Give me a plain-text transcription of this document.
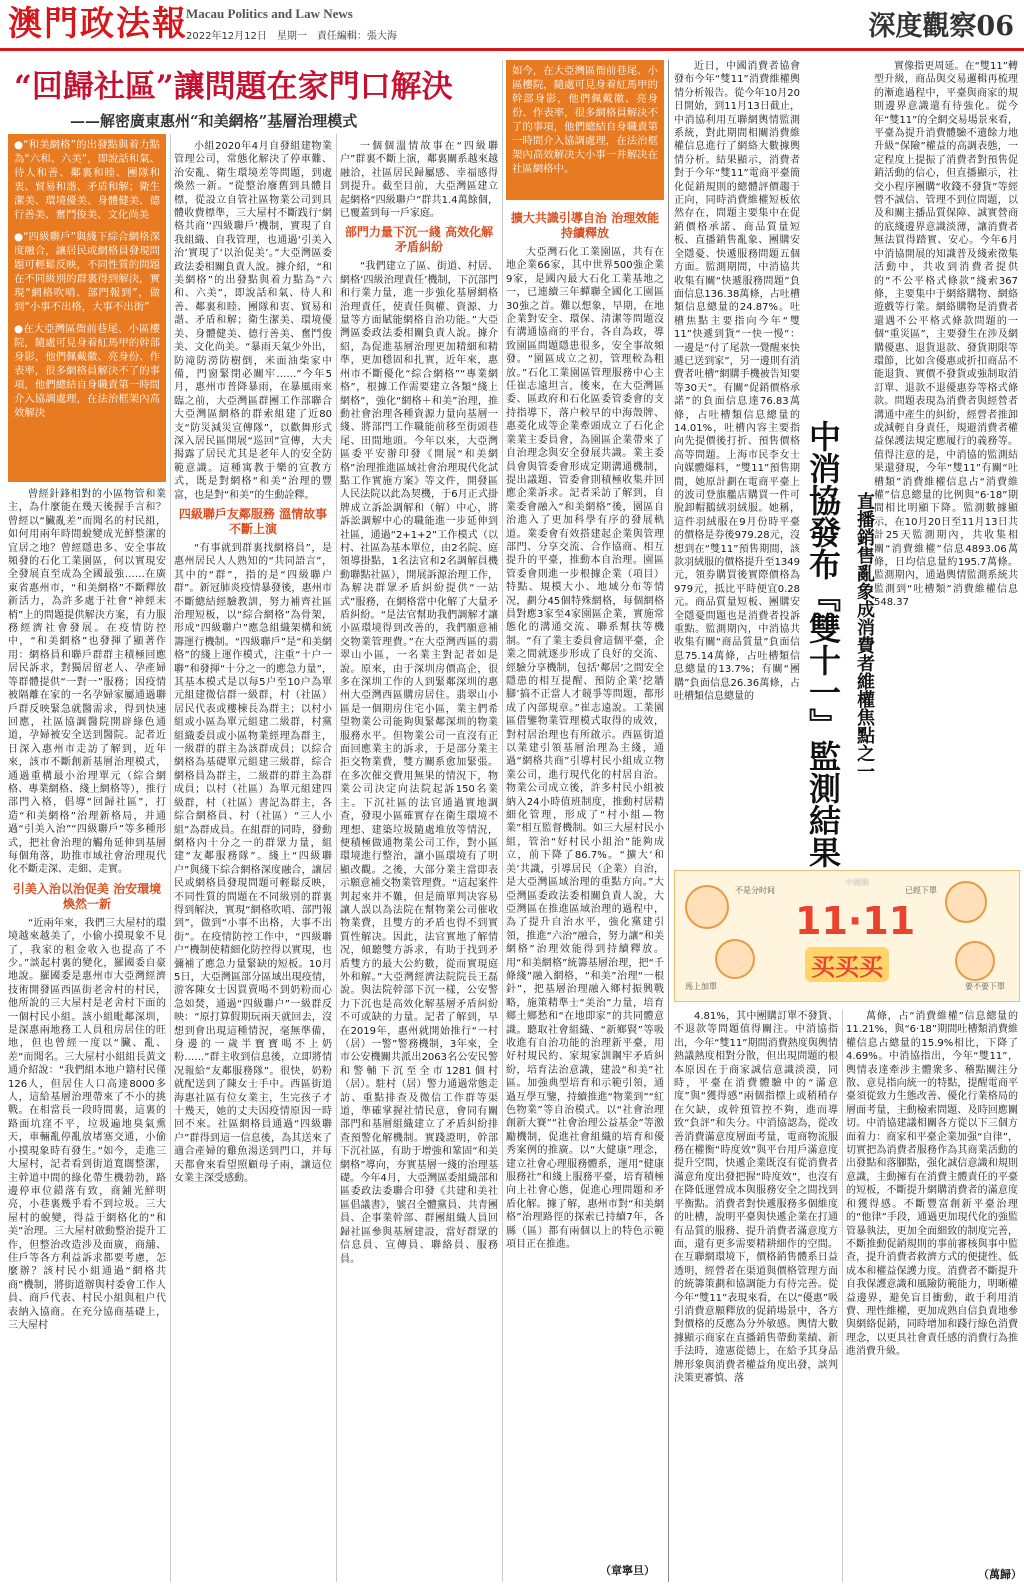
澳門政法報
Macau Politics and Law News
2022年12月12日　星期一　責任編輯：張大海	深度觀察06
“回歸社區”讓問題在家門口解決
——解密廣東惠州“和美網格”基層治理模式

●“和美網格”的出發點與着力點為“六和、六美”，即說話和氣、待人和善、鄰裏和睦、團隊和衷、貿易和諧、矛盾和解；衛生潔美、環境優美、身體健美、德行善美、奮鬥俊美、文化尚美

●“四級聯戶”與綫下綜合網格深度融合，讓居民或網格員發現問題可輕鬆反映，不同性質的問題在不同級別的群裏得到解決，實現“網格吹哨、部門報到”，做到“小事不出格，大事不出街”

●在大亞灣區衙前巷尾、小區樓院，隨處可見身着紅馬甲的幹部身影，他們佩戴徽、亮身份、作表率，很多網格員解決不了的事項，他們總結自身職責第一時間介入協調處理，在法治框架內高效解決

曾經針鋒相對的小區物管和業主，為什麼能在幾天後握手言和？曾經以“臟亂差”而聞名的村民組，如何用兩年時間蛻變成光鮮整潔的宜居之地？曾經隱患多、安全事故頻發的石化工業園區，何以實現安全發展直至成為全國最強……在廣東省惠州市，“和美網格”不斷釋放新活力，為許多處于社會“神經末梢”上的問題提供解決方案，有力服務經濟社會發展。在疫情防控中，“和美網格”也發揮了顯著作用：網格員和聯戶群群主積極回應居民訴求，對獨居留老人、孕產婦等群體提供“一對一”服務；因疫情被隔離在家的一名孕婦家屬通過聯戶群反映緊急就醫需求，得到快速回應，社區協調醫院開辟綠色通道，孕婦被安全送到醫院。記者近日深入惠州市走訪了解到，近年來，該市不斷創新基層治理模式，通過重構最小治理單元（綜合網格、專業網格、綫上網格等），推行部門入格，倡導“回歸社區”，打造“和美網格”治理新格局，并通過“引美入治”“四級聯戶”等多種形式，把社會治理的觸角延伸到基層每個角落，助推市域社會治理現代化不斷走深、走細、走實。

引美入治以治促美 治安環境煥然一新

“近兩年來，我們三大屋村的環境越來越美了，小偷小摸現象不見了，我家的租金收入也提高了不少。”談起村裏的變化，羅國委自豪地說。羅國委是惠州市大亞灣經濟技術開發區西區街老舍村的村民，他所說的三大屋村是老舍村下面的一個村民小組。該小組毗鄰深圳，是深惠兩地務工人員租房居住的旺地，但也曾經一度以“臟、亂、差”而聞名。三大屋村小組組長黃文通介紹說：“我們組本地户籍村民僅126人，但居住人口高達8000多人，這給基層治理帶來了不小的挑戰。在相當長一段時間裏，這裏的路面坑窪不平，垃圾遍地臭氣熏天，車輛亂停亂放堵塞交通，小偷小摸現象時有發生。”如今，走進三大屋村，記者看到街道寬闊整潔，主幹道中間的綠化帶生機勃勃，路邊停車位錯落有致，商鋪光鮮明亮，小巷裏幾乎看不到垃圾。三大屋村的蛻變，得益于網格化的“和美”治理。三大屋村啟動整治提升工作，但整治改造涉及面廣，商舖、住戶等各方利益訴求都要考慮，怎麼辦？該村民小組通過“網格共商”機制，將街道辦與村委會工作人員、商戶代表、村民小組與租户代表納入協商。在充分協商基礎上，三大屋村

小組2020年4月自發組建物業管理公司，常態化解決了停車難、治安亂、衛生環境差等問題，到處煥然一新。“從整治廢舊到具體目標，從設立自管社區物業公司到具體收費標準，三大屋村不斷践行‘網格共商’‘四級聯戶’機制，實現了自我組織、自我管理，也通過‘引美入治’實現了‘以治促美’。”大亞灣區委政法委相關負責人說。據介紹，“和美網格”的出發點與着力點為“六和、六美”，即說話和氣、待人和善、鄰裏和睦、團隊和衷、貿易和諧、矛盾和解；衛生潔美、環境優美、身體健美、德行善美、奮鬥俊美、文化尚美。“暴雨天氣少外出，防滝防澇防樹倒，米面油柴家中備，門窗緊閉必關牢……”今年5月，惠州市普降暴雨，在暴風雨來臨之前，大亞灣區群團工作部聯合大亞灣區網格的群索組建了近80支“防災減災宣傳隊”，以歡舞形式深入居民區開展“巡回”宣傳，大夫揭露了居民尤其是老年人的安全防範意識。這種寓教于樂的宣教方式，既是對網格“和美”治理的豐富，也是對“和美”的生動詮釋。

四級聯戶友鄰服務 溫情故事不斷上演

“有事就到群裏找網格員”，是惠州居民人人熟知的“共同語言”，其中的“群”，指的是“四級聯户群”。新冠肺炎疫情暴發後，惠州市不斷總結經驗教訓，努力補齊社區治理短板，以“綜合網格”為骨架，形成“四級聯户”應急組織架構和統籌運行機制。“四級聯戶”是“和美網格”的綫上運作模式，注重“十户一聯”和發揮“十分之一的應急力量”，其基本模式是以每5户至10户為單元組建微信群一級群，村（社區）居民代表或樓棟長為群主；以村小組或小區為單元組建二級群，村黨組織委員或小區物業經理為群主，一級群的群主為該群成員；以綜合網格為基礎單元組建三級群，綜合網格員為群主，二級群的群主為群成員；以村（社區）為單元組建四級群，村（社區）書記為群主，各綜合網格員、村（社區）“三人小組”為群成員。在組群的同時，發動網格內十分之一的群眾力量，組建“友鄰服務隊”。綫上“四級聯户”與綫下綜合網格深度融合，讓居民或網格員發現問題可輕鬆反映，不同性質的問題在不同級別的群裏得到解決，實現“網格吹哨、部門報到”，做到“小事不出格，大事不出街”。在疫情防控工作中，“四級聯户”機制使精細化防控得以實現，也彌補了應急力量緊缺的短板。10月5日，大亞灣區部分區域出現疫情，游客陳女士因買賣喝不到奶粉而心急如焚，通過“四級聯户”一級群反映：“原打算假期玩兩天就回去，沒想到會出現這種情況，毫無準備，身邊的一歲半寶寶喝不上奶粉……”群主收到信息後，立即將情况報給“友鄰服務隊”。很快，奶粉就配送到了陳女士手中。西區街道海惠社區有位女業主，生完孩子才十幾天，她的丈夫因疫情原因一時回不來。社區網格員通過“四級聯户”群得到這一信息後，為其送來了適合產婦的雞魚湯送到門口，并每天都會來看望照顧母子兩，讓這位女業主深受感動。

一個個溫情故事在“四級聯户”群裏不斷上演，鄰裏關系越來越融洽，社區居民歸屬感、幸福感得到提升。截至目前，大亞灣區建立起網格“四級聯户”群共1.4萬餘個，已覆蓋到每一戶家庭。

部門力量下沉一綫 高效化解矛盾糾紛

“我們建立了區、街道、村居、網格‘四級治理責任’機制，下沉部門和行業力量，進一步強化基層網格治理責任，使責任與權、資源、力量等方面賦能網格自治功能。”大亞灣區委政法委相關負責人說。據介紹，為促進基層治理更加精細和精準，更加穩固和扎實，近年來，惠州市不斷優化“綜合網格”“專業網格”，根據工作需要建立各類“綫上網格”，強化“網格＋和美”治理，推動社會治理各種資源力量向基層一綫、將部門工作職能前移至街頭巷尾、田間地頭。今年以來，大亞灣區委平安辦印發《開展“和美網格”治理推進區域社會治理現代化試點工作實施方案》等文件，開發區人民法院以此為契機，于6月正式掛牌成立訴訟調解和（解）中心，將訴訟調解中心的職能進一步延伸到社區，通過“2+1+2”工作模式（以村、社區為基本單位，由2名院、庭領導掛點，1名法官和2名調解員機動聯點社區），開展訴源治理工作，為解决群眾矛盾糾紛提供“一站式”服務，在網格當中化解了大量矛盾糾紛。“是法官幫助我們調解才讓小區環境得到改善的，我們願意補交物業管理費。”在大亞灣西區的翡翠山小區，一名業主對記者如是說。原來，由于深圳房價高企，很多在深圳工作的人到緊鄰深圳的惠州大亞灣西區購房居住。翡翠山小區是一個期房住宅小區，業主們希望物業公司能夠與緊鄰深圳的物業服務水平。但物業公司一直沒有正面回應業主的訴求，于是部分業主拒交物業費，雙方關系愈加緊張。在多次催交費用無果的情況下，物業公司決定向法院起訴150名業主。下沉社區的法官通過實地調查，發現小區確實存在衛生環境不理想、建築垃圾隨處堆放等情況，便積極做通物業公司工作，對小區環境進行整治，讓小區環境有了明顯改觀。之後，大部分業主當即表示願意補交物業管理費。“這起案件判起來并不難，但是簡單判决容易讓人誤以為法院在幫物業公司催收物業費，且雙方的矛盾也得不到實質性解决。因此，法官實地了解情况，傾聽雙方訴求，有助于找到矛盾雙方的最大公約數，從而實現庭外和解。”大亞灣經濟法院院長王磊說。與法院幹部下沉一樣，公安警力下沉也是高效化解基層矛盾糾紛不可或缺的力量。記者了解到，早在2019年，惠州就開始推行“一村（居）一警”警務機制，3年來，全市公安機關共派出2063名公安民警和警輔下沉至全市1281個村（居）。駐村（居）警力通過常態走訪、重點排查及微信工作群等渠道，準確掌握社情民意，會同有關部門和基層組織建立了矛盾糾紛排查預警化解機制。實踐證明，幹部下沉社區，有助于增強和鞏固“和美網格”導向，夯實基層一綫的治理基礎。今年4月，大亞灣區委組織部和區委政法委聯合印發《共建和美社區倡議書》，號召全體黨員、共青團員、企事業幹部、群團組織人員回歸社區參與基層建設，當好群眾的信息員、宣傳員、聯絡員、服務員。

如今，在大亞灣區衙前巷尾、小區樓院，隨處可見身着紅馬甲的幹部身影，他們佩戴徽、亮身份、作表率，很多網格員解決不了的事項，他們總結自身職責第一時間介入協調處理，在法治框架內高效解决大小事一并解决在社區網格中。

擴大共識引導自治 治理效能持續釋放

大亞灣石化工業園區，共有在地企業66家，其中世界500強企業9家，是國內最大石化工業基地之一，已連續三年蟬聯全國化工園區30強之首。難以想象，早期，在地企業對安全、環保、清潔等問題沒有溝通協商的平台，各自為政，導致園區問題隱患很多，安全事故頻發。“園區成立之初，管理較為粗放。”石化工業園區管理服務中心主任崔志遠坦言，後來，在大亞灣區委、區政府和石化區委管委會的支持指導下，落户較早的中海殼牌、惠菱化成等企業牽頭成立了石化企業業主委員會，為園區企業帶來了自治理念與安全發展共識。業主委員會與管委會形成定期溝通機制，提出議題、管委會則積極收集并回應企業訴求。記者采訪了解到，自業委會融入“和美網格”後，園區自治進入了更加科學有序的發展軌道。業委會有效搭建起企業與管理部門、分享交流、合作協商、相互提升的平臺，推動本自治理。園區管委會則進一步根據企業（項目）特點、規模大小、地域分布等情况，劃分45個特殊網格，每個網格員對應3家至4家園區企業，實施常態化的溝通交流、聯系幫扶等機制。“有了業主委員會這個平臺，企業之間就逐步形成了良好的交流、經驗分享機制，包括‘鄰居’之間安全隱患的相互提醒、預防企業‘挖牆腳’搞不正當人才競爭等問題，都形成了內部規章。”崔志遠說。工業園區借鑒物業管理模式取得的成效，對村居治理也有所啟示。西區街道以業建引領基層治理為主綫，通過“網格共商”引導村民小組成立物業公司，進行現代化的村居自治。物業公司成立後，許多村民小組被納入24小時值班制度，推動村居精細化管理，形成了“村小組—物業”相互監督機制。如三大屋村民小組，管治“好村民小組治”能夠成立，前下降了86.7%。“擴大‘和美’共識，引導居民（企業）自治，是大亞灣區域治理的重點方向。”大亞灣區委政法委相關負責人說，大亞灣區在推進區域治理的過程中，為了提升自治水平，強化黨建引領，推進“六治”融合，努力讓“和美網格”治理效能得到持續釋放。用“和美網格”統籌基層治理，把“千條綫”融入網格，“和美”治理“一根針”，把基層治理融入鄉村振興戰略，施策精準士“美治”力量，培育鄉土鄉愁和“在地即家”的共同體意識。聽取社會組織、“新鄉賢”等吸收進有自治功能的治理新平臺，用好村規民約、家規家訓鋼牢矛盾糾紛，培育法治意識，建設“和美”社區。加強典型培育和示範引領，通過互學互鑒，持續推進“物業到”“紅色物業”等自治模式。以“社會治理創新大賽”“社會治理公益基金”等激勵機制，促進社會組織的培育和優秀案例的推廣。以“大健康”理念，建立社會心理服務體系，運用“健康服務社”和綫上服務平臺，培育積極向上社會心態，促進心理問題和矛盾化解。據了解，惠州市對“和美網格”治理路徑的探索已持續7年，各縣（區）都有兩個以上的特色示範項目正在推進。

（章寧旦）

近日，中國消費者協會發布今年“雙11”消費維權輿情分析報告。從今年10月20日開始，到11月13日截止，中消協利用互聯網輿情監測系統，對此期間相關消費維權信息進行了網絡大數據輿情分析。結果顯示，消費者對于今年“雙11”電商平臺簡化促銷規則的總體評價趨于正向，同時消費維權短板依然存在，問題主要集中在促銷價格承諾、商品質量短板、直播銷售亂象、團購安全隱憂、快遞服務問題五個方面。監測期間，中消協共收集有關“快遞服務問題”負面信息136.38萬條，占吐槽類信息總量的24.87%。吐槽焦點主要指向今年“雙11”快遞到貨“一快一慢”：一邊是“付了尾款一覺醒來快遞已送到家”，另一邊則有消費者吐槽“網購手機被告知要等30天”。有關“促銷價格承諾”的負面信息達76.83萬條，占吐槽類信息總量的14.01%，吐槽內容主要指向先提價後打折、預售價格高等問題。上海市民李女士向媒體爆料，“雙11”預售期間，她原計劃在電商平臺上的波司登旗艦店購買一件可脫卸帽鵝絨羽絨服。她稱，這件羽絨服在9月份時平臺的價格是券後979.28元，沒想到在“雙11”預售期間，該款羽絨服的價格提升至1349元，領券購買後實際價格為979元，抵比平時便宜0.28元。商品質量短板、團購安全隱憂問題也是消費者投訴重點。監測期內，中消協共收集有關“商品質量”負面信息75.14萬條，占吐槽類信息總量的13.7%；有關“團購”負面信息26.36萬條，占吐槽類信息總量的	中消協發布『雙十一』監測結果 直播銷售亂象成消費者維權焦點之一

實像指更周延。在“雙11”轉型升級，商品與交易邏輯再梳理的漸進過程中，平臺與商家的規則邊界意識還有待強化。從今年“雙11”的全網交易場景來看，平臺為提升消費體驗不遺餘力地升級“保險”權益的高調表態，一定程度上提振了消費者對預售促銷活動的信心，但直播顯示，社交小程序團購“收錢不發貨”等經營不誠信、管理不到位問題，以及和關主播品質保障、誠實營商的底綫邊界意識淡薄，讓消費者無法買得踏實、安心。今年6月中消協開展的知識普及綫索徵集活動中，共收到消費者提供的“不公平格式條款”綫索367條，主要集中于網絡購物、網絡遊戲等行業。網絡購物是消費者還遇不公平格式條款問題的一個“重災區”，主要發生在涉及網購優惠、退貨退款、發貨期限等環節，比如含優惠或折扣商品不能退貨、實價不發貨或強制取消訂單、退款不退優惠券等格式條款。問題表現為消費者與經營者溝通中產生的糾紛，經營者推卸或減輕自身責任，規避消費者權益保護法規定應履行的義務等。值得注意的是，中消協的監測結果還發現，今年“雙11”有關“吐槽類”消費維權信息占“消費維權”信息總量的比例與“6·18”期間相比明顯下降。監測數據顯示，在10月20日至11月13日共計25天監測期內，共收集相關“消費維權”信息4893.06萬條，日均信息量約195.7萬條。監測期內，通過輿情監測系統共監測到“吐槽類”消費維權信息548.37

11·11
买买买
不是分时间	已經下單
馬上加單	要不要下單
中國網

4.81%，其中團購訂單不發貨、不退款等問題值得關注。中消協指出，今年“雙11”期間消費熱度與輿情熱議熱度相對分散，但出現問題的根本原因在于商家誠信意識淡漠，同時，平臺在消費體驗中的“滿意度”與“獲得感”兩個指標上或稍稍存在欠缺，或幹預管控不夠，進而導致“負評”和失分。中消協認為，從改善消費滿意度層面考量，電商物流服務在權衡“時度效”與平台用戶滿意度提升空間，快遞企業既沒有從消費者滿意角度出發把握“時度效”，也沒有在降低運營成本與服務安全之間找到平衡點。消費者對快遞服務多個維度的吐槽，說明平臺與快遞企業在打通有品質的服務、提升消費者滿意度方面，還有更多需要精耕細作的空間。在互聯網環境下，價格銷售體系日益透明，經營者在渠道與價格管理方面的統籌策劃和協調能力有待完善。從今年“雙11”表現來看，在以“優惠”吸引消費意願釋放的促銷場景中，各方對價格的反應為分外敏感。輿情大數據顯示商家在直播銷售帶動業績、新手法時，違憲從德上，在給予其身品牌形象與消費者權益角度出發，談判決策更審慎、落

萬條，占“消費維權”信息總量的11.21%，與“6·18”期間吐槽類消費維權信息占總量的15.9%相比，下降了4.69%。中消協指出，今年“雙11”，輿情表達牽涉主體衆多、稽點關注分散、意見指向統一的特點，提醒電商平臺須從致力生態改善、優化行業格局的層面考量，主動檢索問題、及時回應關切。中消協建議相關各方從以下三個方面着力：商家和平臺企業加强“自律”，切實把為消費者服務作為其商業活動的出發點和落腳點，强化誠信意識和規則意識，主動擁有在消費主體責任的平臺的短板，不斷提升網購消費者的滿意度和獲得感。不斷豐富創新平臺治理的“他律”手段，通過更加現代化的強監管暴執法，更加全面細致的制度完善，不斷推動促銷規則的事前審核與事中監查，提升消費者救濟方式的便捷性、低成本和權益保護力度。消費者不斷提升自我保護意識和風險防範能力，明晰權益邊界，避免盲目衝動，敢于利用消費、理性維權，更加成熟自信負責地參與網絡促銷，同時增加和踐行綠色消費理念，以更具社會責任感的消費行為推進消費升級。

（萬歸）
